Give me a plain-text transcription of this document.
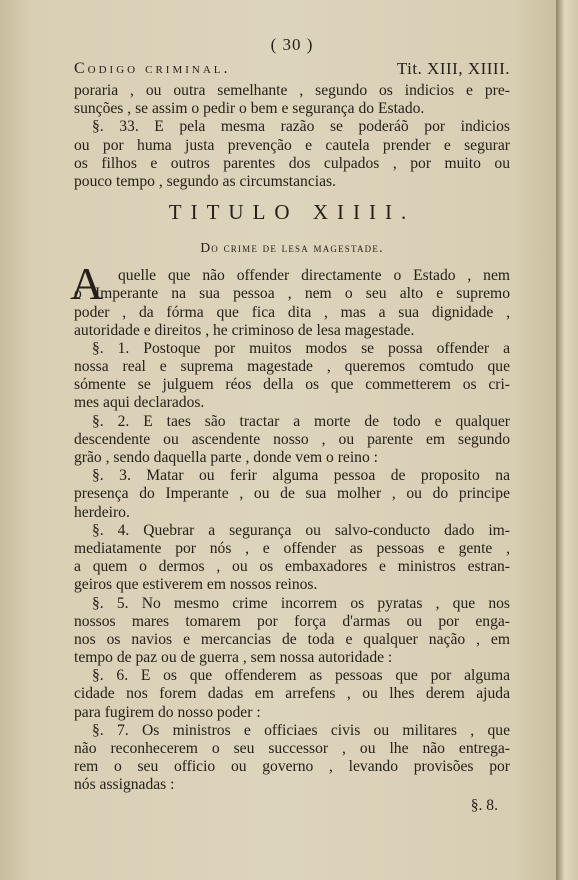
( 30 )
Codigo criminal.	Tit. XIII, XIIII.
poraria , ou outra semelhante , segundo os indicios e pre-
sunções , se assim o pedir o bem e segurança do Estado.
§. 33. E pela mesma razão se poderáõ por indicios
ou por huma justa prevenção e cautela prender e segurar
os filhos e outros parentes dos culpados , por muito ou
pouco tempo , segundo as circumstancias.
TITULO XIIII.
Do crime de lesa magestade.
A quelle que não offender directamente o Estado , nem
o Imperante na sua pessoa , nem o seu alto e supremo
poder , da fórma que fica dita , mas a sua dignidade ,
autoridade e direitos , he criminoso de lesa magestade.
§. 1. Postoque por muitos modos se possa offender a
nossa real e suprema magestade , queremos comtudo que
sómente se julguem réos della os que commetterem os cri-
mes aqui declarados.
§. 2. E taes são tractar a morte de todo e qualquer
descendente ou ascendente nosso , ou parente em segundo
grão , sendo daquella parte , donde vem o reino :
§. 3. Matar ou ferir alguma pessoa de proposito na
presença do Imperante , ou de sua molher , ou do principe
herdeiro.
§. 4. Quebrar a segurança ou salvo-conducto dado im-
mediatamente por nós , e offender as pessoas e gente ,
a quem o dermos , ou os embaxadores e ministros estran-
geiros que estiverem em nossos reinos.
§. 5. No mesmo crime incorrem os pyratas , que nos
nossos mares tomarem por força d'armas ou por enga-
nos os navios e mercancias de toda e qualquer nação , em
tempo de paz ou de guerra , sem nossa autoridade :
§. 6. E os que offenderem as pessoas que por alguma
cidade nos forem dadas em arrefens , ou lhes derem ajuda
para fugirem do nosso poder :
§. 7. Os ministros e officiaes civis ou militares , que
não reconhecerem o seu successor , ou lhe não entrega-
rem o seu officio ou governo , levando provisões por
nós assignadas :
§. 8.
